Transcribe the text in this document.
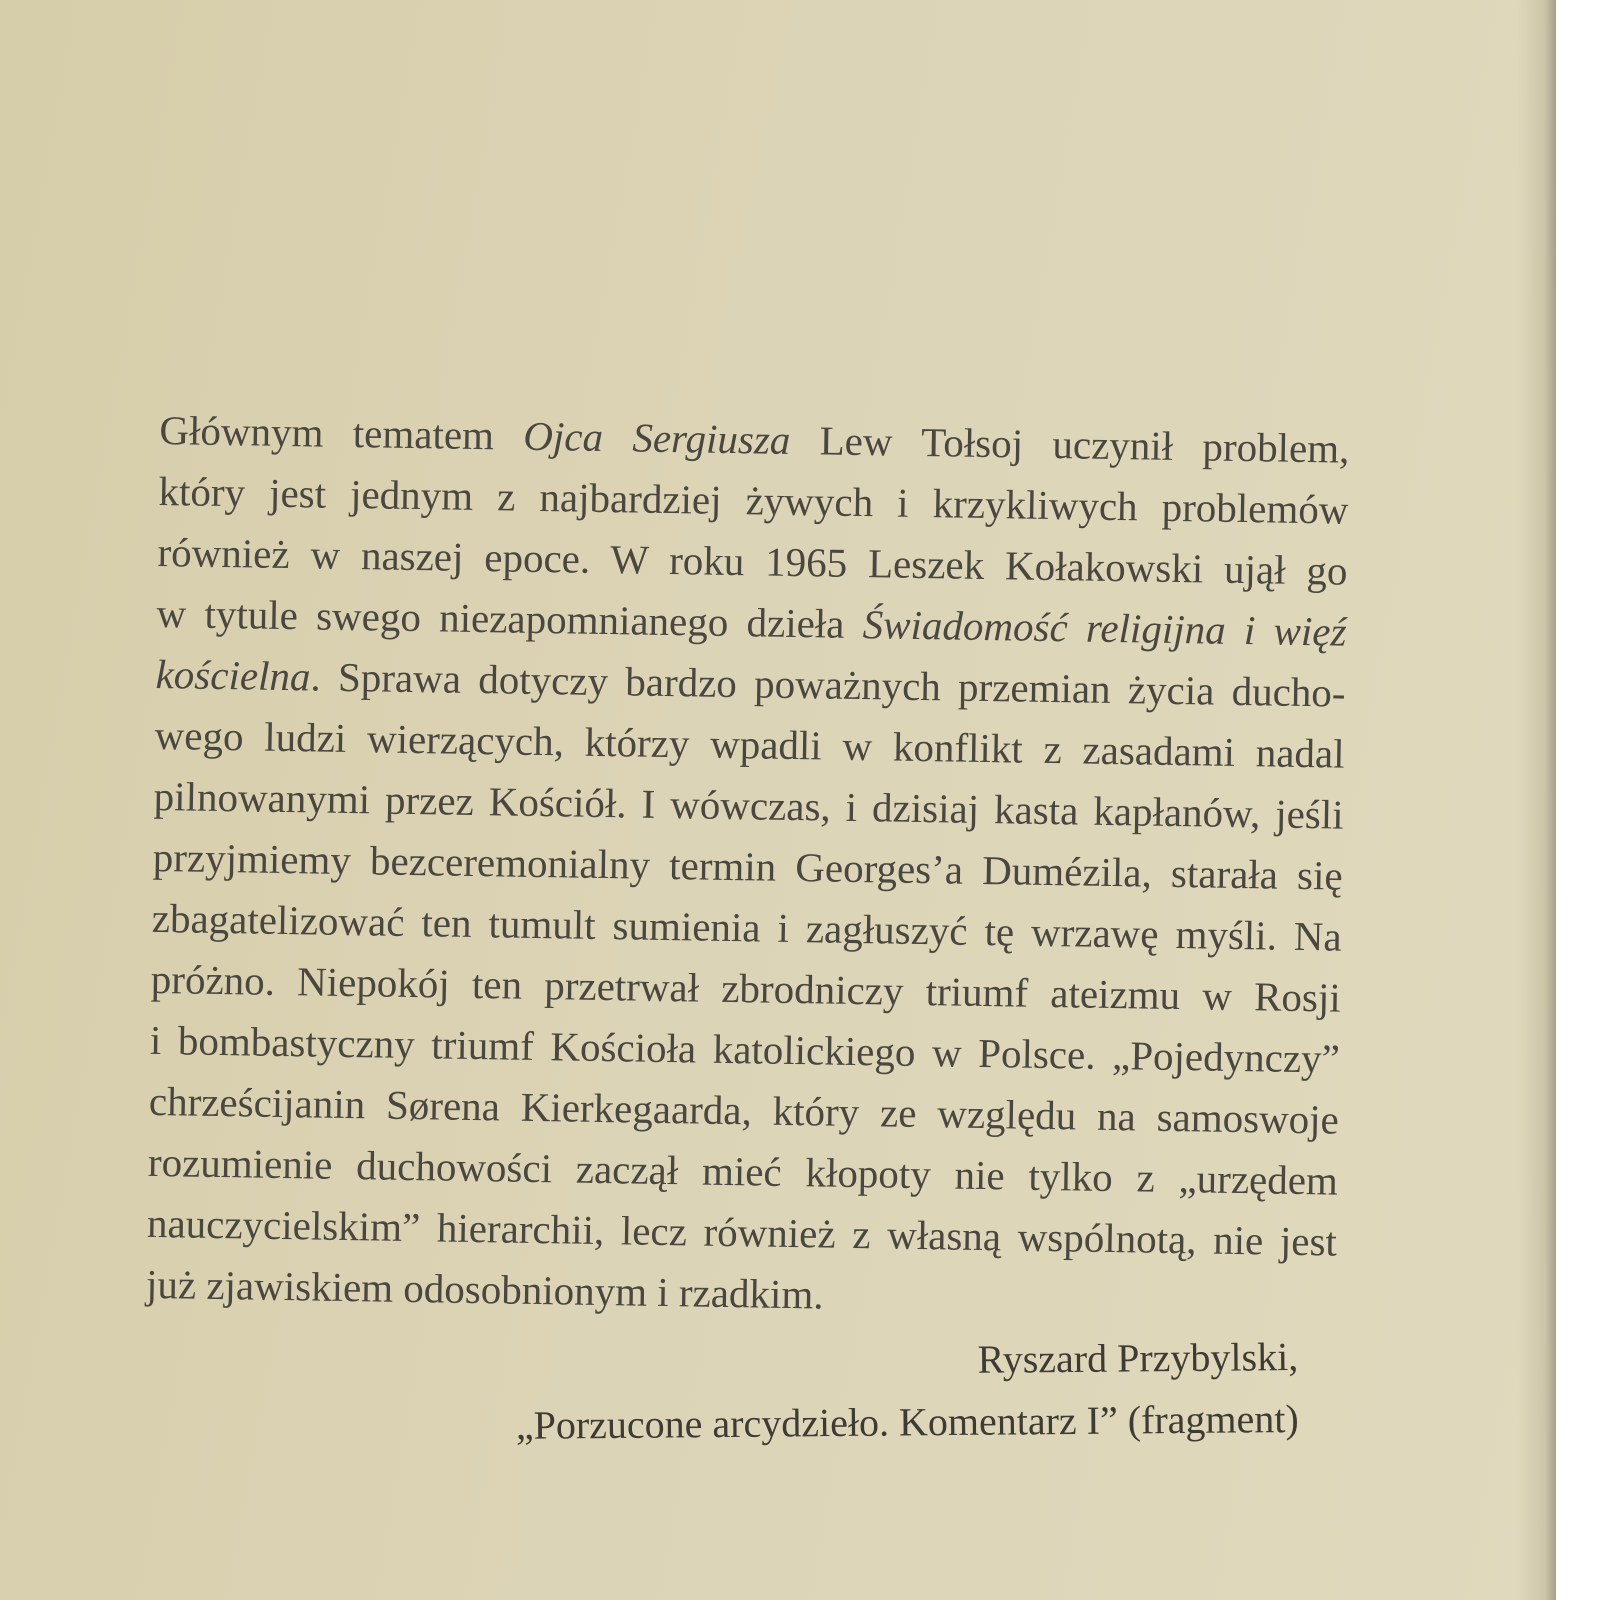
Głównym tematem Ojca Sergiusza Lew Tołsoj uczynił problem,
który jest jednym z najbardziej żywych i krzykliwych problemów
również w naszej epoce. W roku 1965 Leszek Kołakowski ujął go
w tytule swego niezapomnianego dzieła Świadomość religijna i więź
kościelna. Sprawa dotyczy bardzo poważnych przemian życia ducho-
wego ludzi wierzących, którzy wpadli w konflikt z zasadami nadal
pilnowanymi przez Kościół. I wówczas, i dzisiaj kasta kapłanów, jeśli
przyjmiemy bezceremonialny termin Georges’a Dumézila, starała się
zbagatelizować ten tumult sumienia i zagłuszyć tę wrzawę myśli. Na
próżno. Niepokój ten przetrwał zbrodniczy triumf ateizmu w Rosji
i bombastyczny triumf Kościoła katolickiego w Polsce. „Pojedynczy”
chrześcijanin Sørena Kierkegaarda, który ze względu na samoswoje
rozumienie duchowości zaczął mieć kłopoty nie tylko z „urzędem
nauczycielskim” hierarchii, lecz również z własną wspólnotą, nie jest
już zjawiskiem odosobnionym i rzadkim.
Ryszard Przybylski,
„Porzucone arcydzieło. Komentarz I” (fragment)
